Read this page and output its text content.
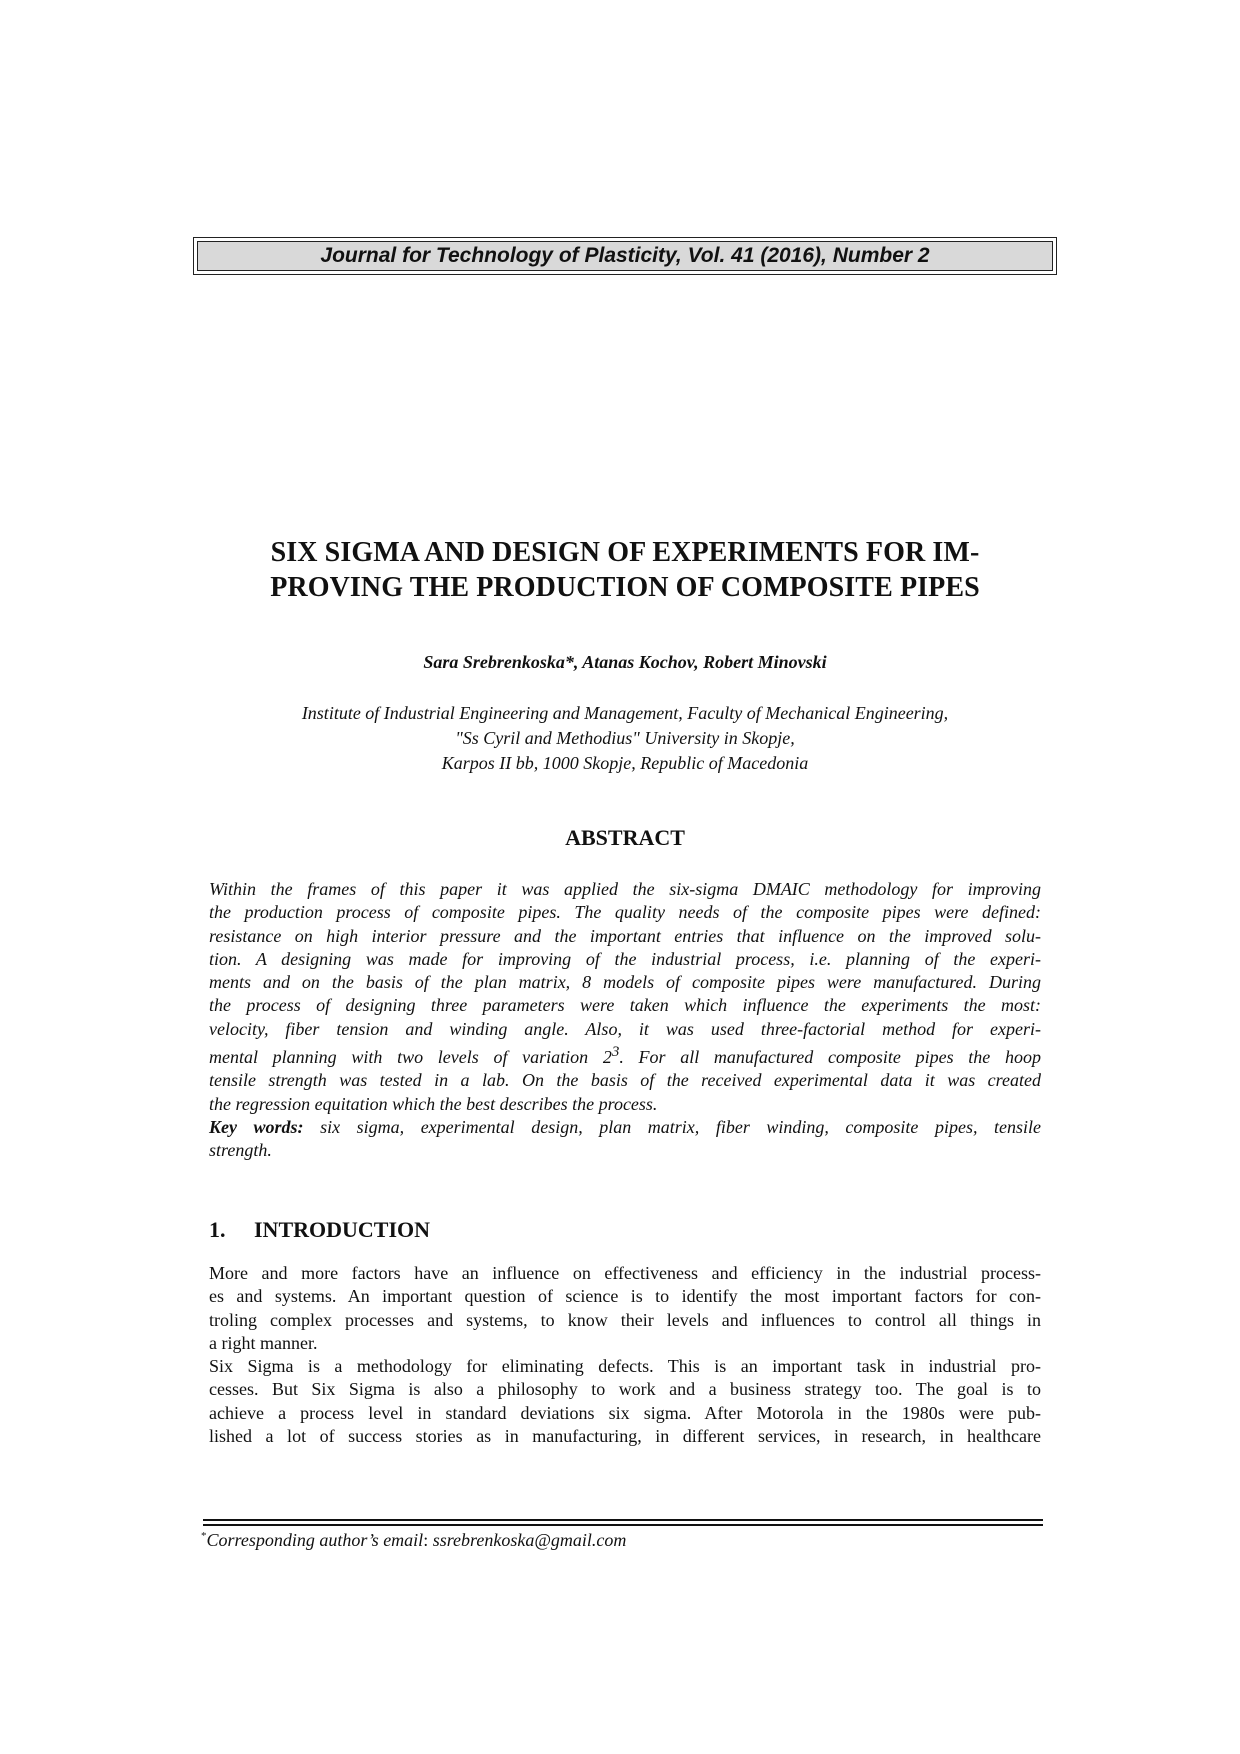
Journal for Technology of Plasticity, Vol. 41 (2016), Number 2
SIX SIGMA AND DESIGN OF EXPERIMENTS FOR IM-
PROVING THE PRODUCTION OF COMPOSITE PIPES

Sara Srebrenkoska*, Atanas Kochov, Robert Minovski

Institute of Industrial Engineering and Management, Faculty of Mechanical Engineering,
"Ss Cyril and Methodius" University in Skopje,
Karpos II bb, 1000 Skopje, Republic of Macedonia

ABSTRACT
Within the frames of this paper it was applied the six-sigma DMAIC methodology for improving
the production process of composite pipes. The quality needs of the composite pipes were defined:
resistance on high interior pressure and the important entries that influence on the improved solu-
tion. A designing was made for improving of the industrial process, i.e. planning of the experi-
ments and on the basis of the plan matrix, 8 models of composite pipes were manufactured. During
the process of designing three parameters were taken which influence the experiments the most:
velocity, fiber tension and winding angle. Also, it was used three-factorial method for experi-
mental planning with two levels of variation $2^3$. For all manufactured composite pipes the hoop
tensile strength was tested in a lab. On the basis of the received experimental data it was created
the regression equitation which the best describes the process.
Key words: six sigma, experimental design, plan matrix, fiber winding, composite pipes, tensile
strength.
1. INTRODUCTION
More and more factors have an influence on effectiveness and efficiency in the industrial process-
es and systems. An important question of science is to identify the most important factors for con-
troling complex processes and systems, to know their levels and influences to control all things in
a right manner.
Six Sigma is a methodology for eliminating defects. This is an important task in industrial pro-
cesses. But Six Sigma is also a philosophy to work and a business strategy too. The goal is to
achieve a process level in standard deviations six sigma. After Motorola in the 1980s were pub-
lished a lot of success stories as in manufacturing, in different services, in research, in healthcare

*Corresponding author’s email: ssrebrenkoska@gmail.com
